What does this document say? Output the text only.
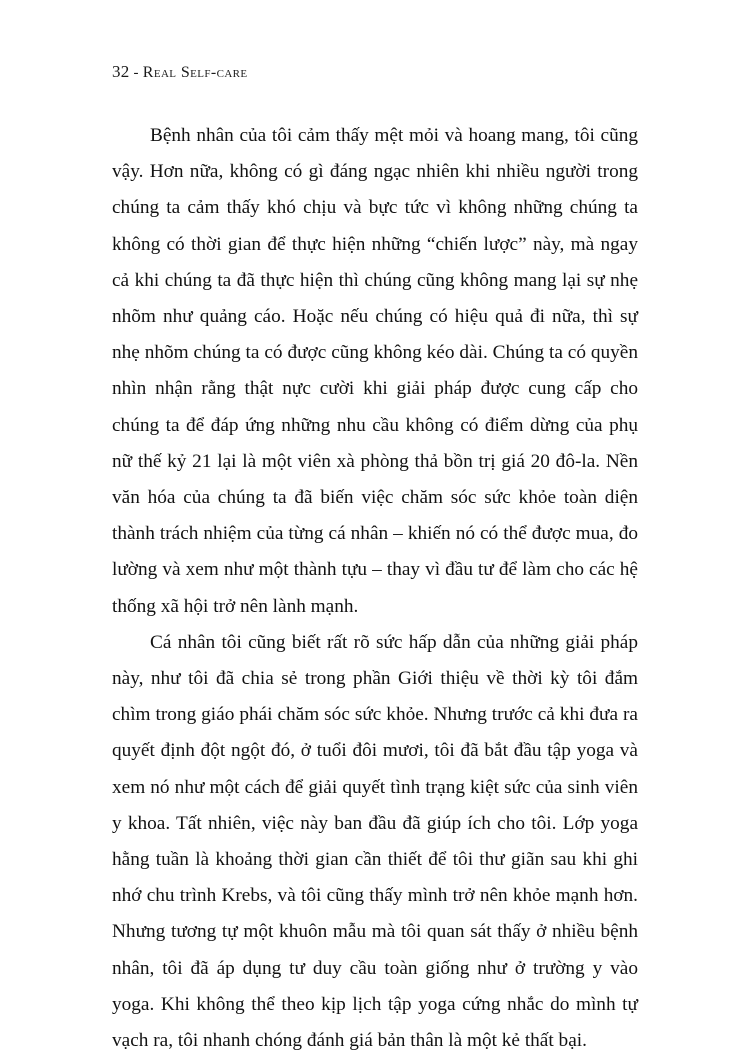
32 - Real Self-care

Bệnh nhân của tôi cảm thấy mệt mỏi và hoang mang, tôi cũng vậy. Hơn nữa, không có gì đáng ngạc nhiên khi nhiều người trong chúng ta cảm thấy khó chịu và bực tức vì không những chúng ta không có thời gian để thực hiện những “chiến lược” này, mà ngay cả khi chúng ta đã thực hiện thì chúng cũng không mang lại sự nhẹ nhõm như quảng cáo. Hoặc nếu chúng có hiệu quả đi nữa, thì sự nhẹ nhõm chúng ta có được cũng không kéo dài. Chúng ta có quyền nhìn nhận rằng thật nực cười khi giải pháp được cung cấp cho chúng ta để đáp ứng những nhu cầu không có điểm dừng của phụ nữ thế kỷ 21 lại là một viên xà phòng thả bồn trị giá 20 đô-la. Nền văn hóa của chúng ta đã biến việc chăm sóc sức khỏe toàn diện thành trách nhiệm của từng cá nhân – khiến nó có thể được mua, đo lường và xem như một thành tựu – thay vì đầu tư để làm cho các hệ thống xã hội trở nên lành mạnh.

Cá nhân tôi cũng biết rất rõ sức hấp dẫn của những giải pháp này, như tôi đã chia sẻ trong phần Giới thiệu về thời kỳ tôi đắm chìm trong giáo phái chăm sóc sức khỏe. Nhưng trước cả khi đưa ra quyết định đột ngột đó, ở tuổi đôi mươi, tôi đã bắt đầu tập yoga và xem nó như một cách để giải quyết tình trạng kiệt sức của sinh viên y khoa. Tất nhiên, việc này ban đầu đã giúp ích cho tôi. Lớp yoga hằng tuần là khoảng thời gian cần thiết để tôi thư giãn sau khi ghi nhớ chu trình Krebs, và tôi cũng thấy mình trở nên khỏe mạnh hơn. Nhưng tương tự một khuôn mẫu mà tôi quan sát thấy ở nhiều bệnh nhân, tôi đã áp dụng tư duy cầu toàn giống như ở trường y vào yoga. Khi không thể theo kịp lịch tập yoga cứng nhắc do mình tự vạch ra, tôi nhanh chóng đánh giá bản thân là một kẻ thất bại.
